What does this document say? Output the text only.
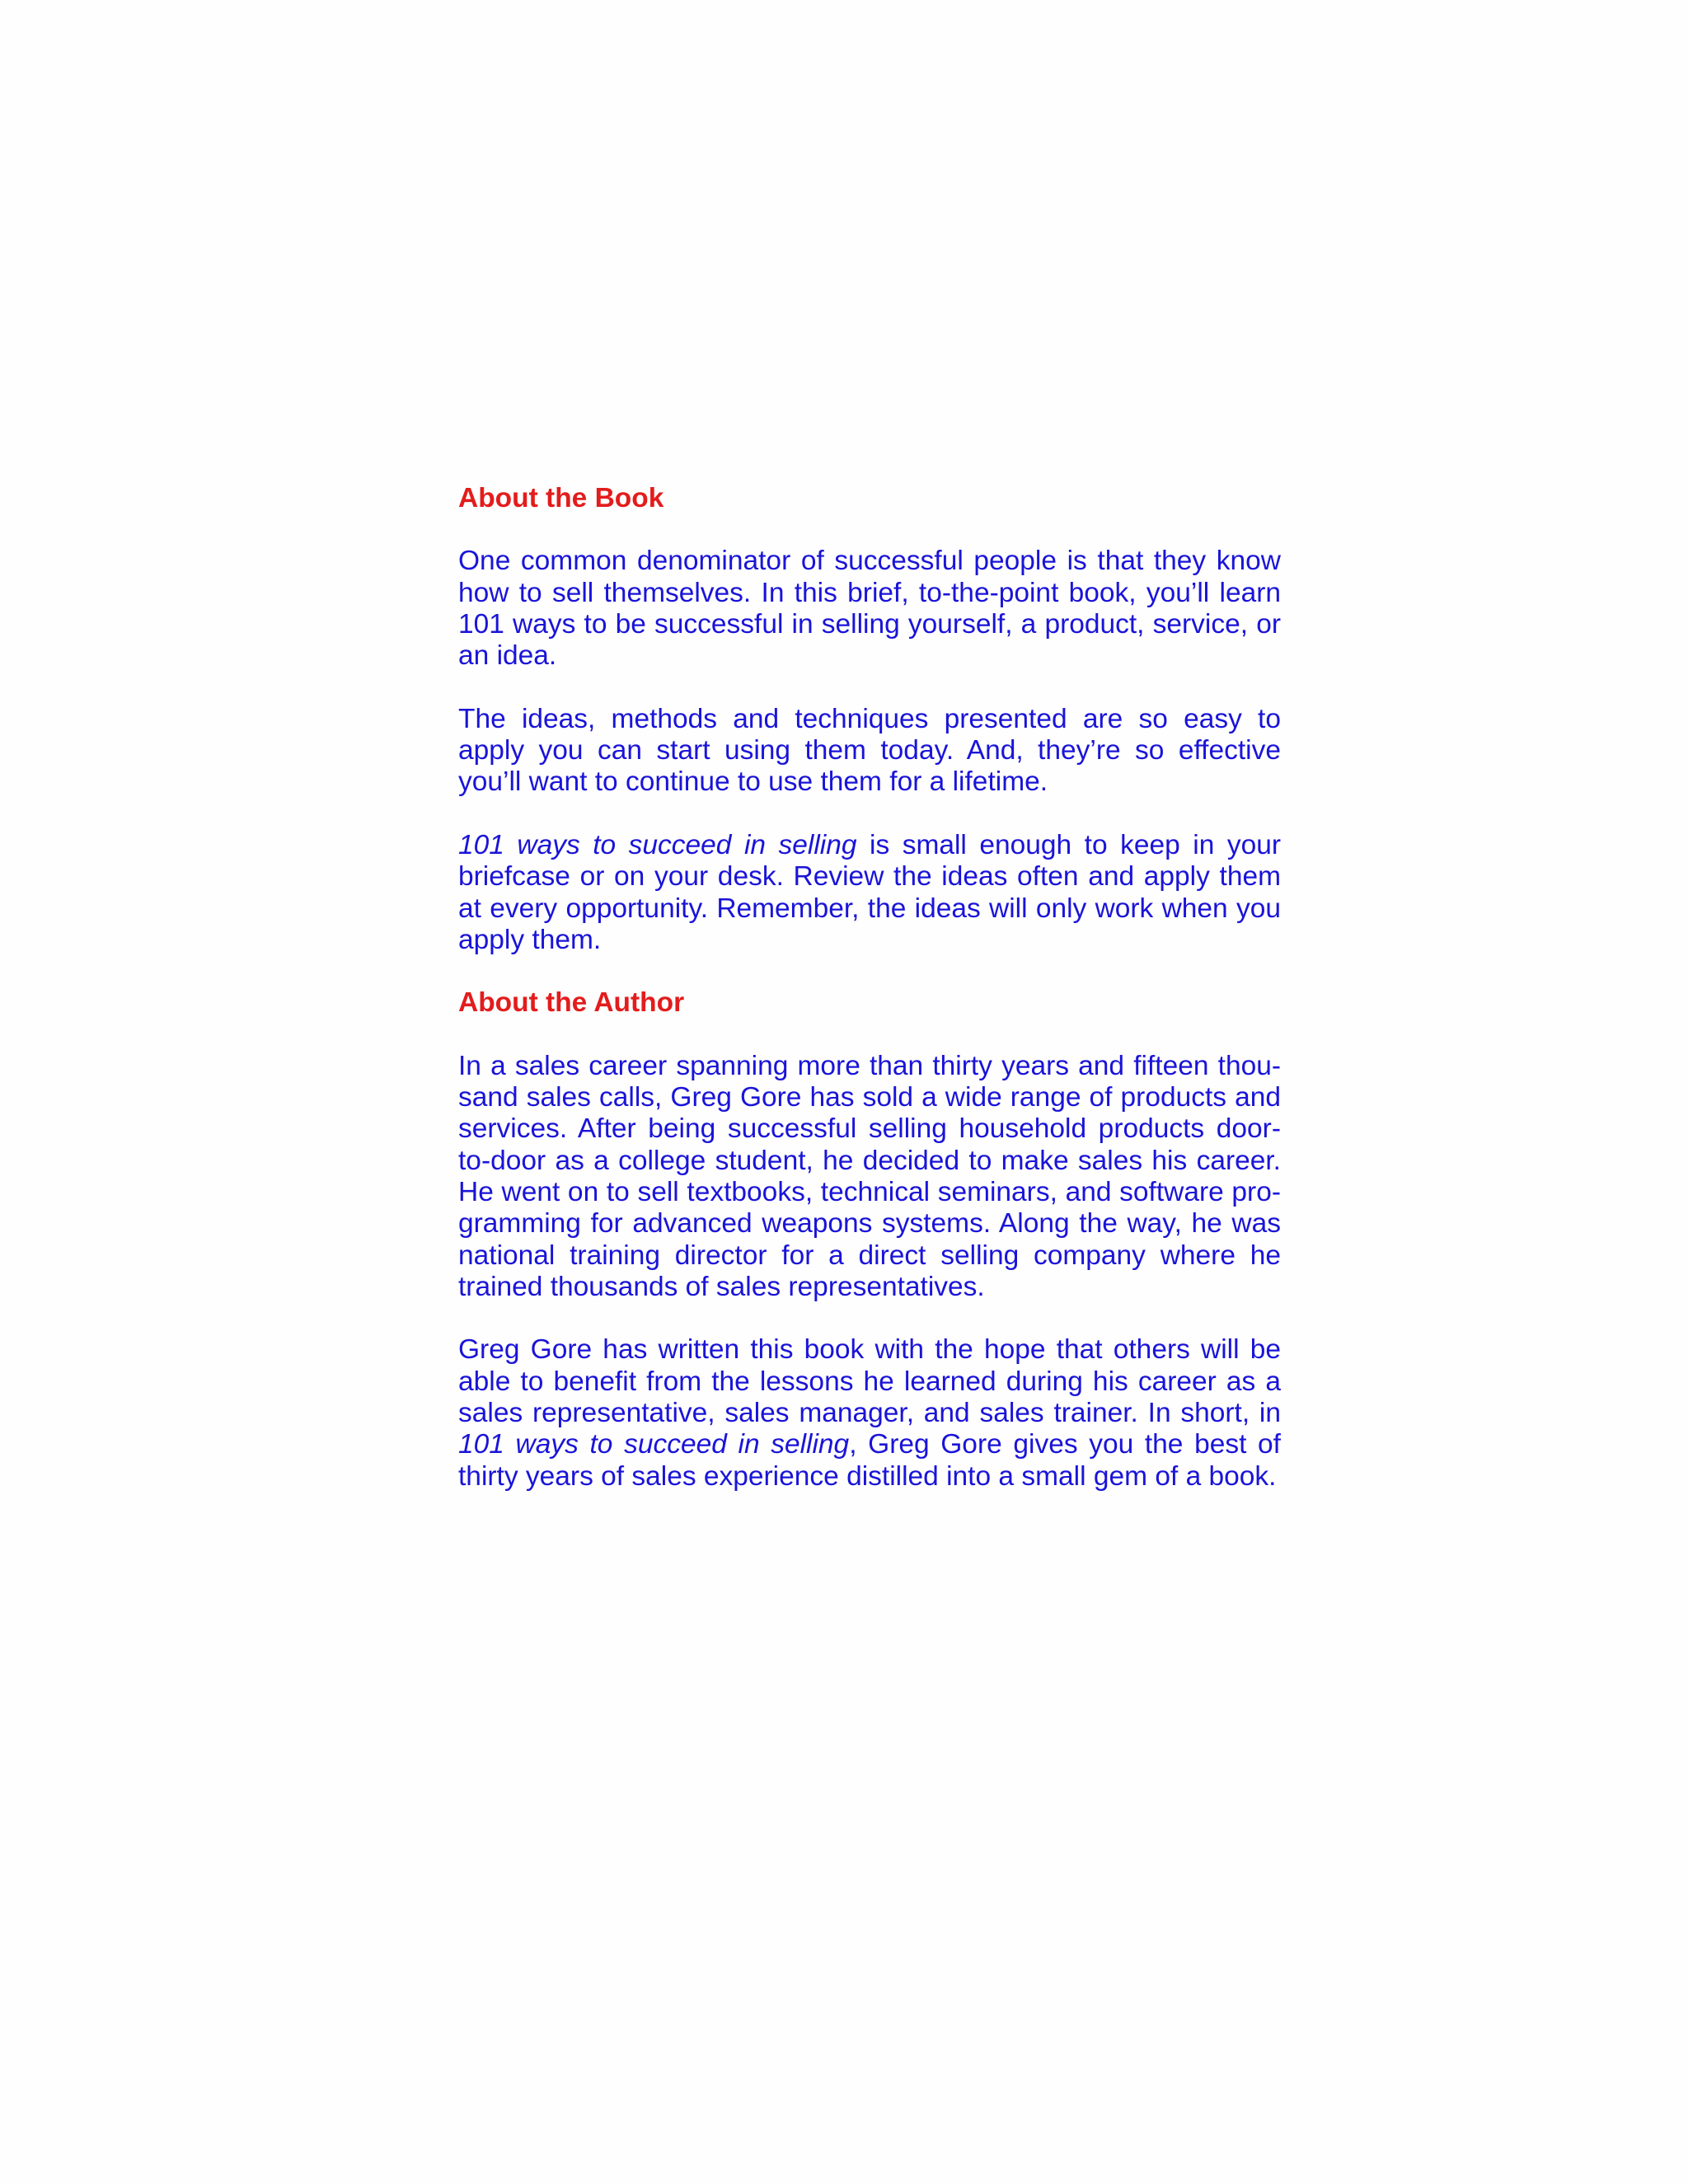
About the Book

One common denominator of successful people is that they know how to sell themselves. In this brief, to-the-point book, you’ll learn 101 ways to be successful in selling yourself, a product, service, or an idea.

The ideas, methods and techniques presented are so easy to apply you can start using them today. And, they’re so effective you’ll want to continue to use them for a lifetime.

101 ways to succeed in selling is small enough to keep in your briefcase or on your desk. Review the ideas often and apply them at every opportunity. Remember, the ideas will only work when you apply them.

About the Author

In a sales career spanning more than thirty years and fifteen thousand sales calls, Greg Gore has sold a wide range of products and services. After being successful selling household products door-to-door as a college student, he decided to make sales his career. He went on to sell textbooks, technical seminars, and software programming for advanced weapons systems. Along the way, he was national training director for a direct selling company where he trained thousands of sales representatives.

Greg Gore has written this book with the hope that others will be able to benefit from the lessons he learned during his career as a sales representative, sales manager, and sales trainer. In short, in 101 ways to succeed in selling, Greg Gore gives you the best of thirty years of sales experience distilled into a small gem of a book.
